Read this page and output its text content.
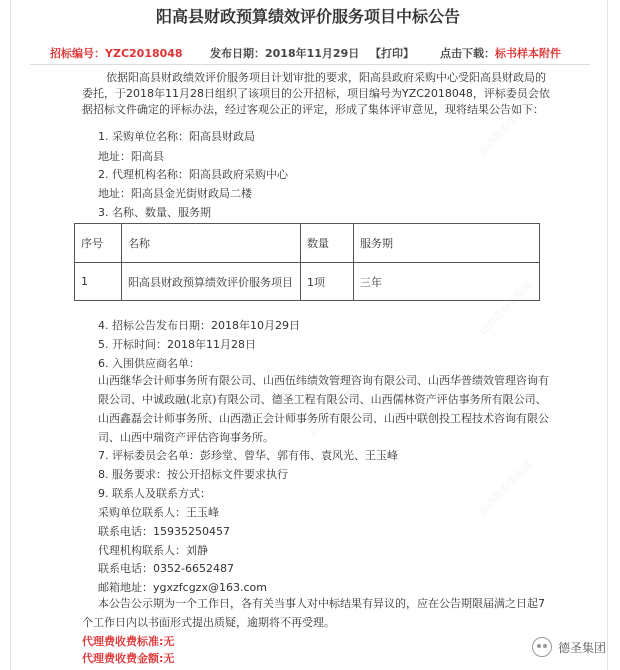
阳高县财政预算绩效评价服务项目中标公告
招标编号：YZC2018048 发布日期：2018年11月29日 【打印】 点击下载：标书样本附件

依据阳高县财政绩效评价服务项目计划审批的要求，阳高县政府采购中心受阳高县财政局的委托，于2018年11月28日组织了该项目的公开招标，项目编号为YZC2018048，评标委员会依据招标文件确定的评标办法，经过客观公正的评定，形成了集体评审意见，现将结果公告如下：

1. 采购单位名称：阳高县财政局
地址：阳高县
2. 代理机构名称：阳高县政府采购中心
地址：阳高县金光街财政局二楼
3. 名称、数量、服务期
序号	名称	数量	服务期
1	阳高县财政预算绩效评价服务项目	1项	三年
4. 招标公告发布日期：2018年10月29日
5. 开标时间：2018年11月28日
6. 入围供应商名单：
山西继华会计师事务所有限公司、山西伍纬绩效管理咨询有限公司、山西华普绩效管理咨询有限公司、中诚政融(北京)有限公司、德圣工程有限公司、山西儒林资产评估事务所有限公司、山西鑫磊会计师事务所、山西渤正会计师事务所有限公司、山西中联创投工程技术咨询有限公司、山西中瑞资产评估咨询事务所。
7. 评标委员会名单：彭珍堂、曾华、郭有伟、袁风光、王玉峰
8. 服务要求：按公开招标文件要求执行
9. 联系人及联系方式：
采购单位联系人：王玉峰
联系电话：15935250457
代理机构联系人：刘静
联系电话：0352-6652487
邮箱地址：ygxzfcgzx@163.com
本公告公示期为一个工作日，各有关当事人对中标结果有异议的，应在公告期限届满之日起7个工作日内以书面形式提出质疑，逾期将不再受理。
代理费收费标准:无
代理费收费金额:无
德圣集团
